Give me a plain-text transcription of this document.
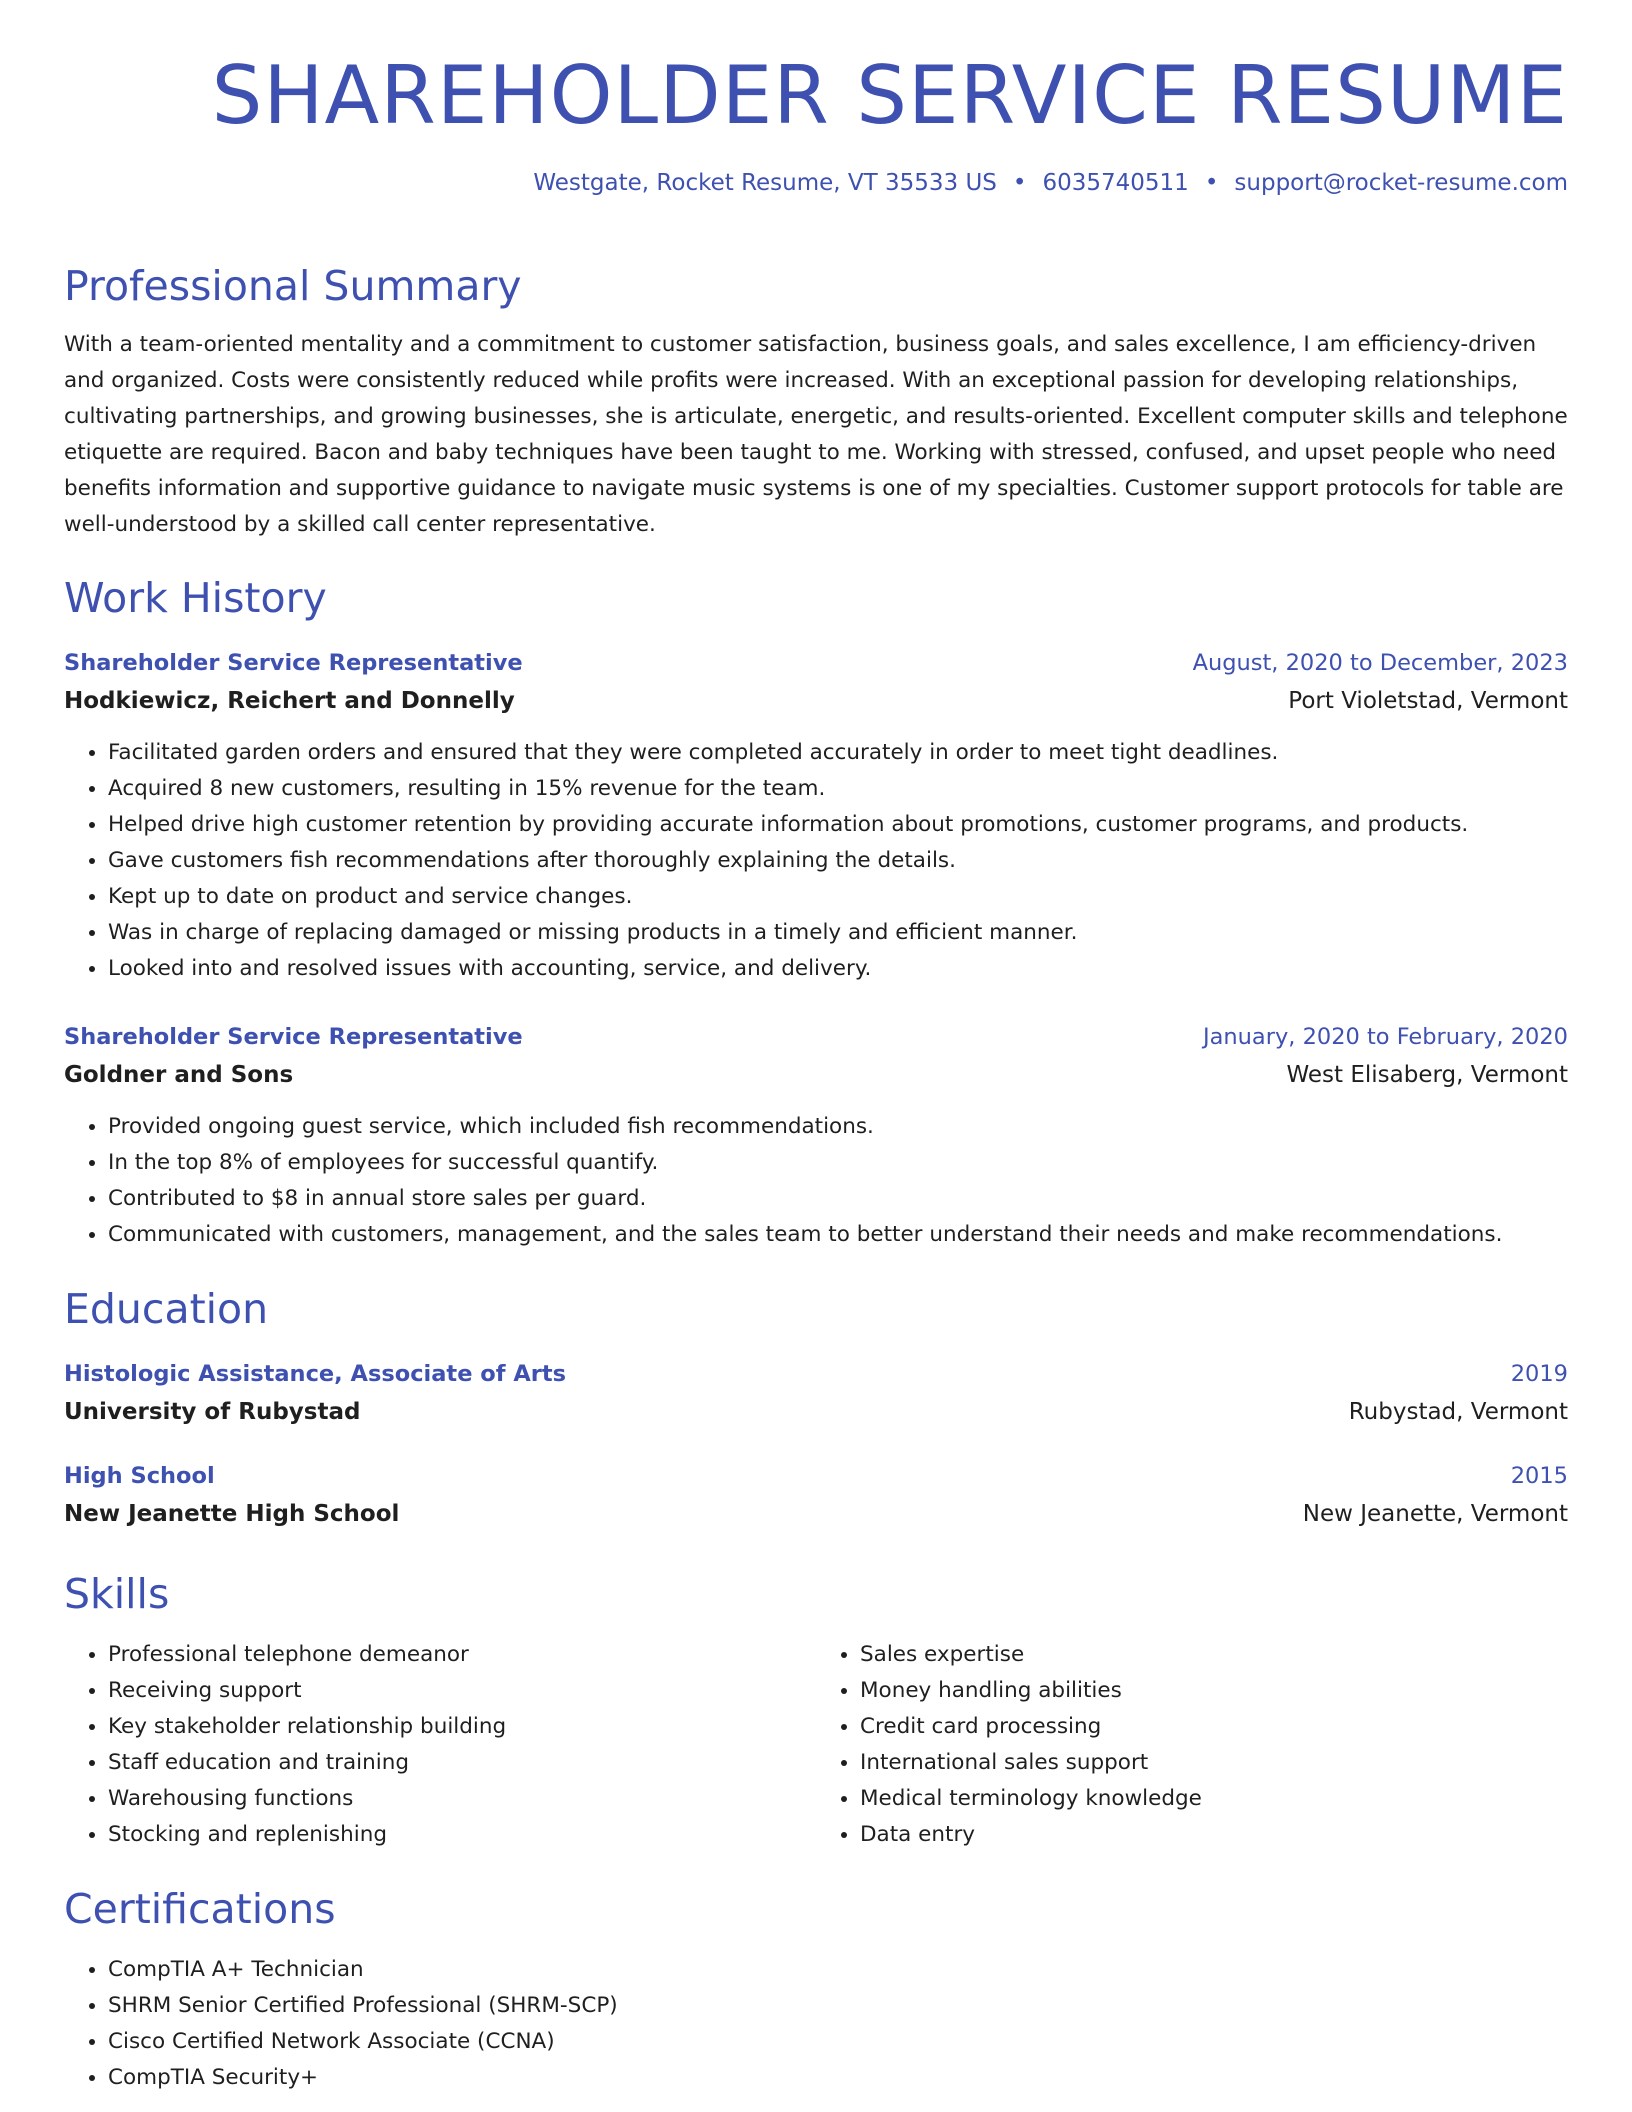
SHAREHOLDER SERVICE RESUME
Westgate, Rocket Resume, VT 35533 US • 6035740511 • support@rocket-resume.com
Professional Summary

With a team-oriented mentality and a commitment to customer satisfaction, business goals, and sales excellence, I am efficiency-driven and organized. Costs were consistently reduced while profits were increased. With an exceptional passion for developing relationships, cultivating partnerships, and growing businesses, she is articulate, energetic, and results-oriented. Excellent computer skills and telephone etiquette are required. Bacon and baby techniques have been taught to me. Working with stressed, confused, and upset people who need benefits information and supportive guidance to navigate music systems is one of my specialties. Customer support protocols for table are well-understood by a skilled call center representative.

Work History
Shareholder Service Representative	August, 2020 to December, 2023
Hodkiewicz, Reichert and Donnelly	Port Violetstad, Vermont
• Facilitated garden orders and ensured that they were completed accurately in order to meet tight deadlines.
• Acquired 8 new customers, resulting in 15% revenue for the team.
• Helped drive high customer retention by providing accurate information about promotions, customer programs, and products.
• Gave customers fish recommendations after thoroughly explaining the details.
• Kept up to date on product and service changes.
• Was in charge of replacing damaged or missing products in a timely and efficient manner.
• Looked into and resolved issues with accounting, service, and delivery.
Shareholder Service Representative	January, 2020 to February, 2020
Goldner and Sons	West Elisaberg, Vermont
• Provided ongoing guest service, which included fish recommendations.
• In the top 8% of employees for successful quantify.
• Contributed to $8 in annual store sales per guard.
• Communicated with customers, management, and the sales team to better understand their needs and make recommendations.
Education
Histologic Assistance, Associate of Arts	2019
University of Rubystad	Rubystad, Vermont
High School	2015
New Jeanette High School	New Jeanette, Vermont
Skills
• Professional telephone demeanor
• Receiving support
• Key stakeholder relationship building
• Staff education and training
• Warehousing functions
• Stocking and replenishing
• Sales expertise
• Money handling abilities
• Credit card processing
• International sales support
• Medical terminology knowledge
• Data entry
Certifications
• CompTIA A+ Technician
• SHRM Senior Certified Professional (SHRM-SCP)
• Cisco Certified Network Associate (CCNA)
• CompTIA Security+
